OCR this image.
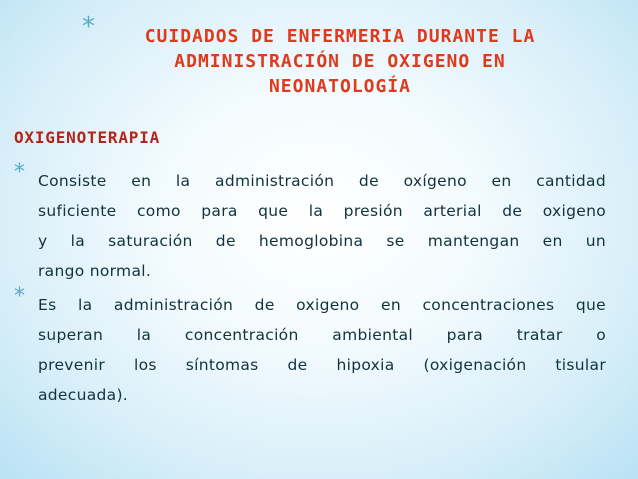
*	CUIDADOS DE ENFERMERIA DURANTE LA
ADMINISTRACIÓN DE OXIGENO EN
NEONATOLOGÍA
OXIGENOTERAPIA
* Consiste en la administración de oxígeno en cantidad
suficiente como para que la presión arterial de oxigeno
y la saturación de hemoglobina se mantengan en un
rango normal.
* Es la administración de oxigeno en concentraciones que
superan la concentración ambiental para tratar o
prevenir los síntomas de hipoxia (oxigenación tisular
adecuada).
